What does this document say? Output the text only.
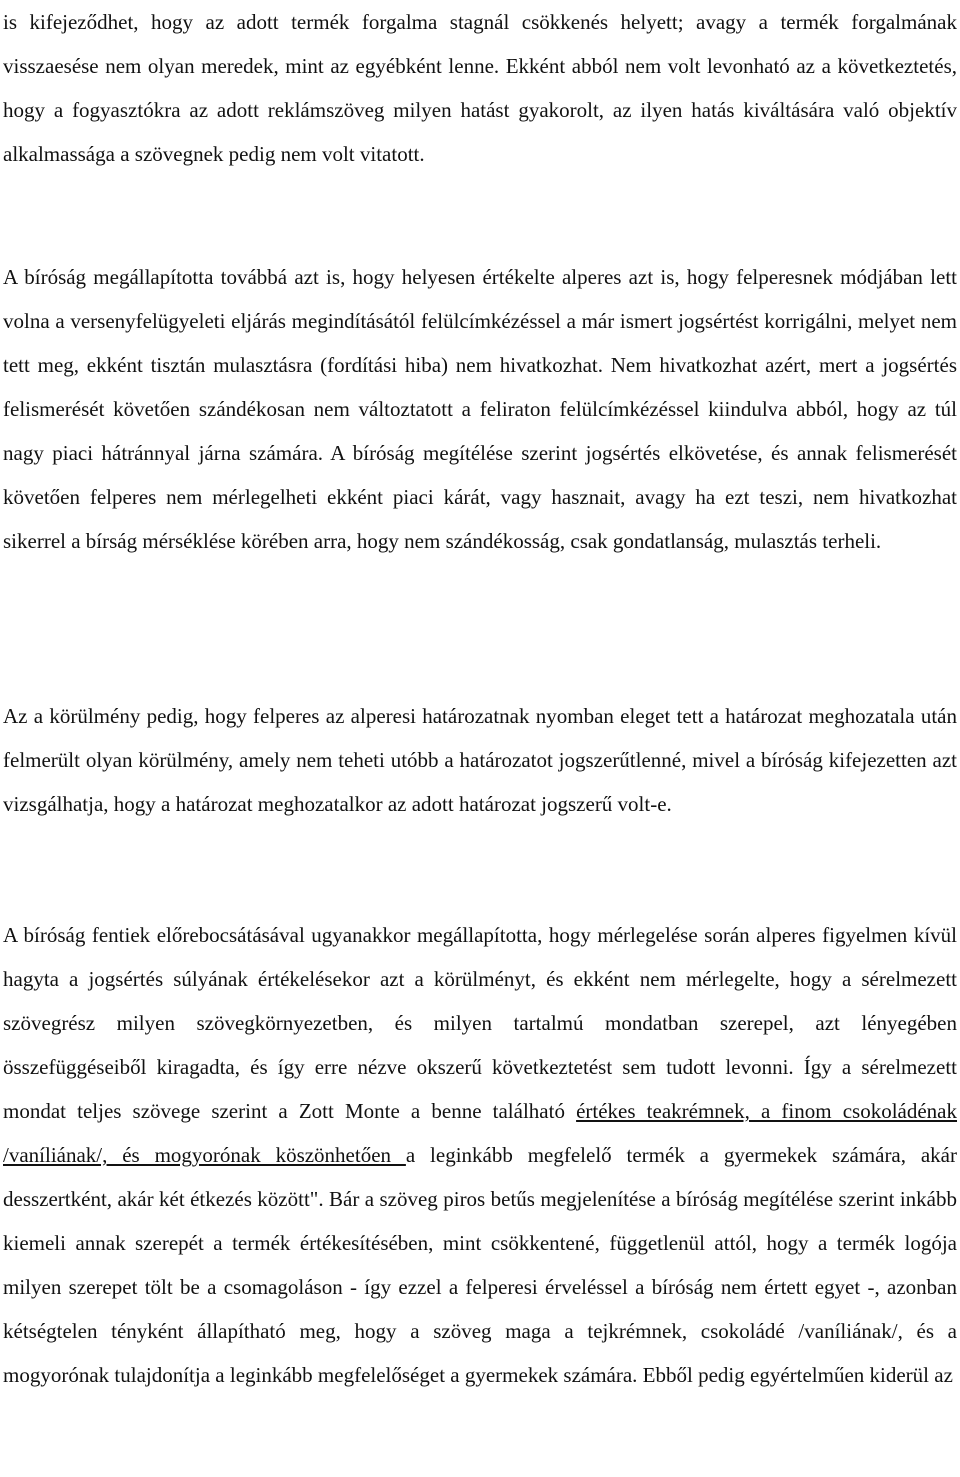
is kifejeződhet, hogy az adott termék forgalma stagnál csökkenés helyett; avagy a termék forgalmának visszaesése nem olyan meredek, mint az egyébként lenne. Ekként abból nem volt levonható az a következtetés, hogy a fogyasztókra az adott reklámszöveg milyen hatást gyakorolt, az ilyen hatás kiváltására való objektív alkalmassága a szövegnek pedig nem volt vitatott.

A bíróság megállapította továbbá azt is, hogy helyesen értékelte alperes azt is, hogy felperesnek módjában lett volna a versenyfelügyeleti eljárás megindításától felülcímkézéssel a már ismert jogsértést korrigálni, melyet nem tett meg, ekként tisztán mulasztásra (fordítási hiba) nem hivatkozhat. Nem hivatkozhat azért, mert a jogsértés felismerését követően szándékosan nem változtatott a feliraton felülcímkézéssel kiindulva abból, hogy az túl nagy piaci hátránnyal járna számára. A bíróság megítélése szerint jogsértés elkövetése, és annak felismerését követően felperes nem mérlegelheti ekként piaci kárát, vagy hasznait, avagy ha ezt teszi, nem hivatkozhat sikerrel a bírság mérséklése körében arra, hogy nem szándékosság, csak gondatlanság, mulasztás terheli.

Az a körülmény pedig, hogy felperes az alperesi határozatnak nyomban eleget tett a határozat meghozatala után felmerült olyan körülmény, amely nem teheti utóbb a határozatot jogszerűtlenné, mivel a bíróság kifejezetten azt vizsgálhatja, hogy a határozat meghozatalkor az adott határozat jogszerű volt-e.

A bíróság fentiek előrebocsátásával ugyanakkor megállapította, hogy mérlegelése során alperes figyelmen kívül hagyta a jogsértés súlyának értékelésekor azt a körülményt, és ekként nem mérlegelte, hogy a sérelmezett szövegrész milyen szövegkörnyezetben, és milyen tartalmú mondatban szerepel, azt lényegében összefüggéseiből kiragadta, és így erre nézve okszerű következtetést sem tudott levonni. Így a sérelmezett mondat teljes szövege szerint a Zott Monte a benne található értékes teakrémnek, a finom csokoládénak /vaníliának/, és mogyorónak köszönhetően a leginkább megfelelő termék a gyermekek számára, akár desszertként, akár két étkezés között". Bár a szöveg piros betűs megjelenítése a bíróság megítélése szerint inkább kiemeli annak szerepét a termék értékesítésében, mint csökkentené, függetlenül attól, hogy a termék logója milyen szerepet tölt be a csomagoláson - így ezzel a felperesi érveléssel a bíróság nem értett egyet -, azonban kétségtelen tényként állapítható meg, hogy a szöveg maga a tejkrémnek, csokoládé /vaníliának/, és a mogyorónak tulajdonítja a leginkább megfelelőséget a gyermekek számára. Ebből pedig egyértelműen kiderül az
